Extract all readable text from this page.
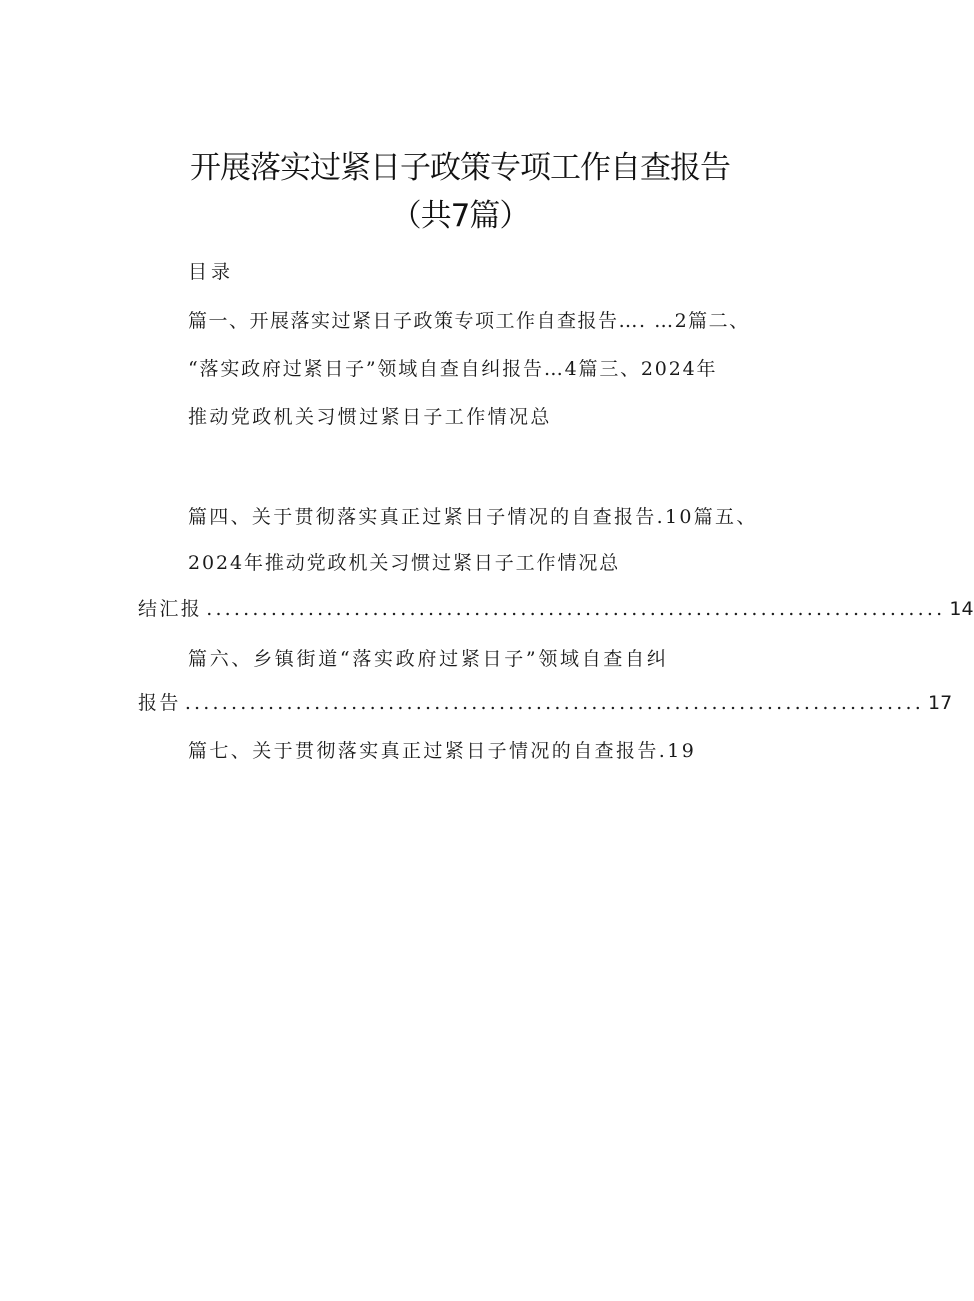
开展落实过紧日子政策专项工作自查报告
（共7篇）
目录
篇一、开展落实过紧日子政策专项工作自查报告…. …2篇二、
“落实政府过紧日子”领域自查自纠报告…4篇三、2024年
推动党政机关习惯过紧日子工作情况总
篇四、关于贯彻落实真正过紧日子情况的自查报告.10篇五、
2024年推动党政机关习惯过紧日子工作情况总
结汇报 ................................................................................ 14
篇六、乡镇街道“落实政府过紧日子”领域自查自纠
报告 ................................................................................ 17
篇七、关于贯彻落实真正过紧日子情况的自查报告.19
